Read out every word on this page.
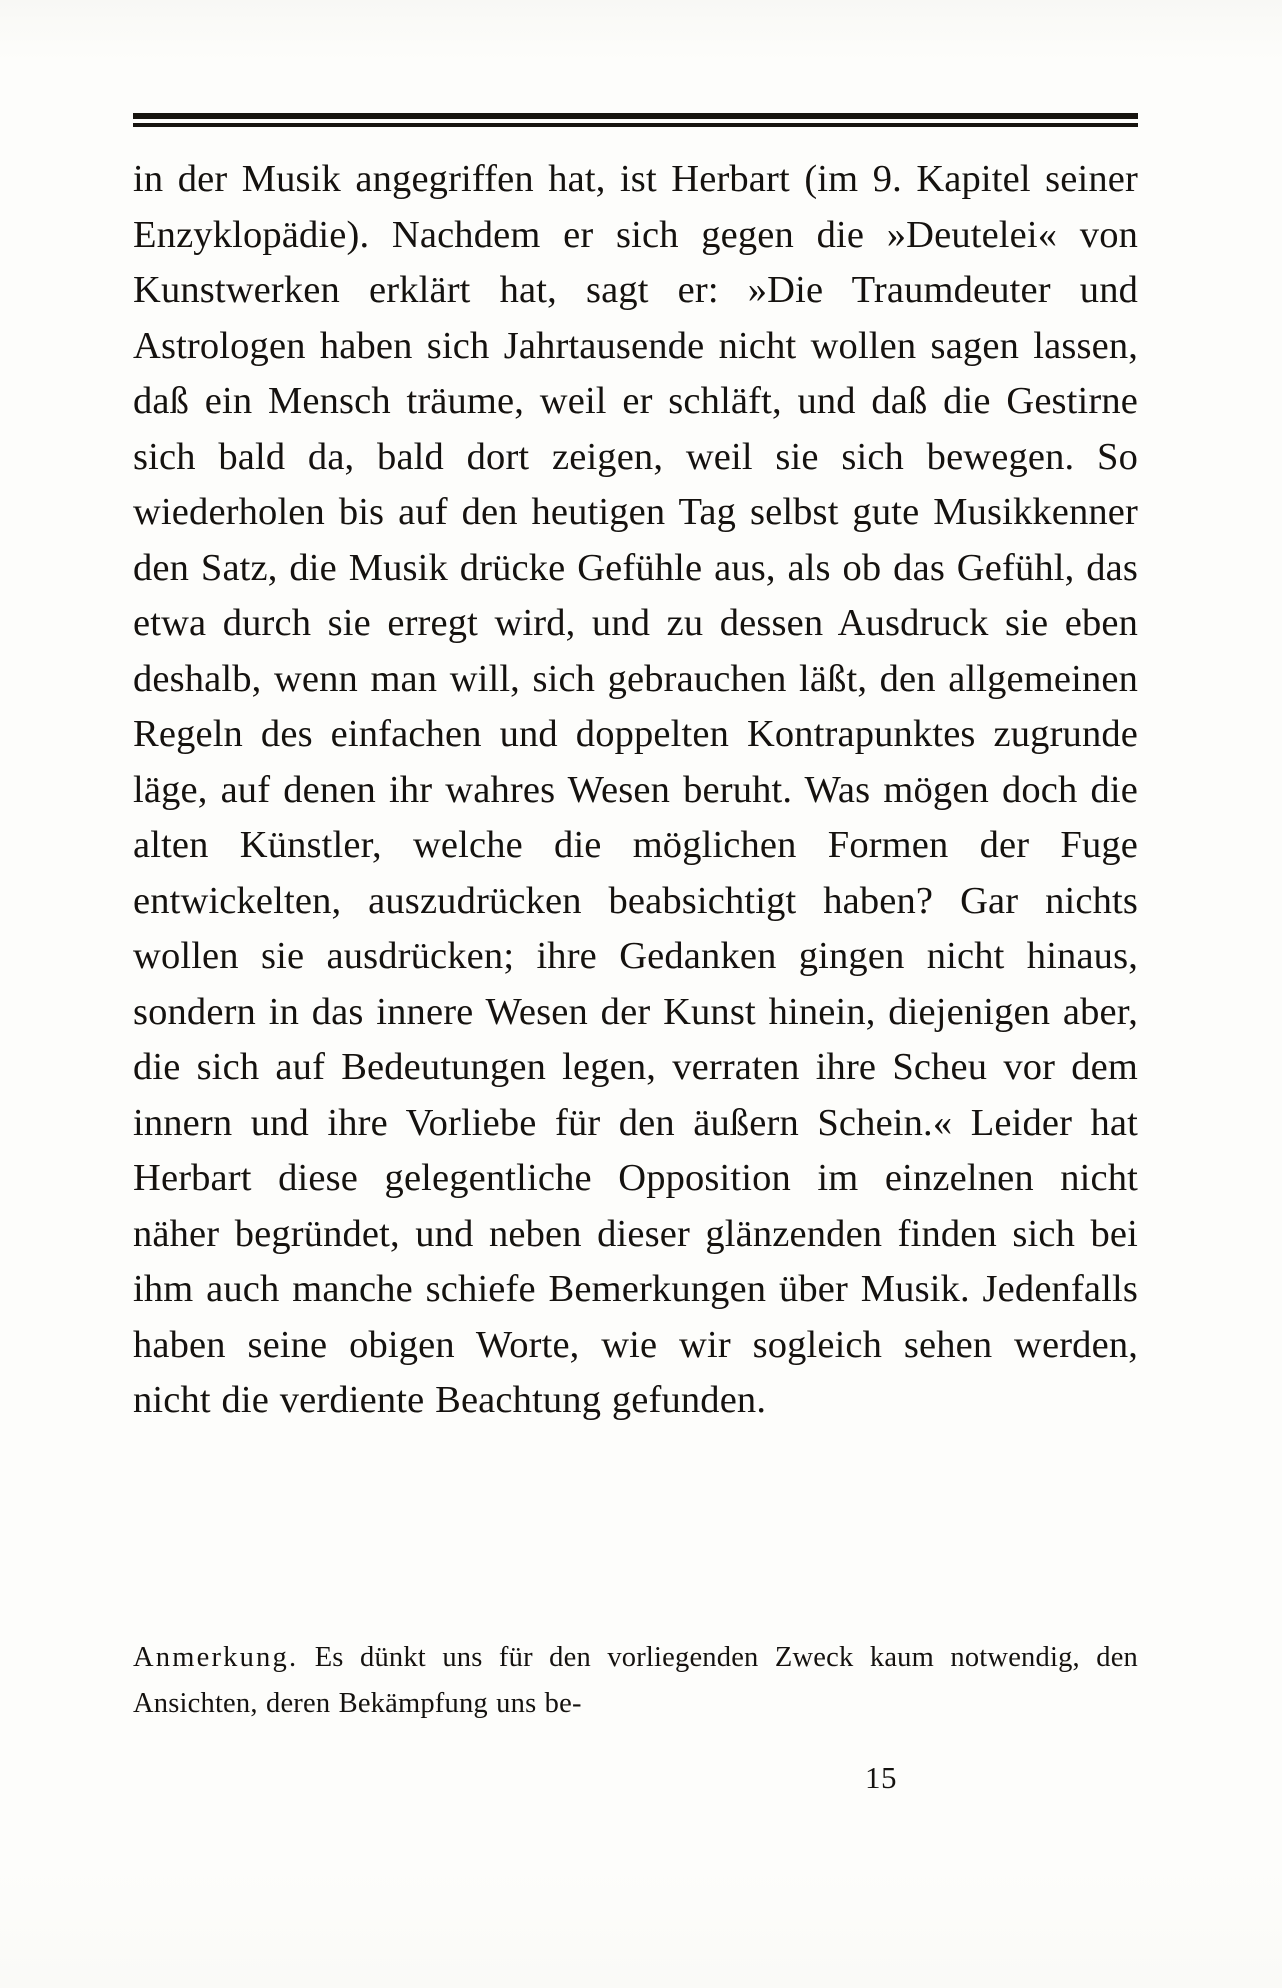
in der Musik angegriffen hat, ist Herbart (im 9. Kapitel seiner Enzyklopädie). Nachdem er sich gegen die »Deutelei« von Kunstwerken erklärt hat, sagt er: »Die Traumdeuter und Astrologen haben sich Jahrtausende nicht wollen sagen lassen, daß ein Mensch träume, weil er schläft, und daß die Gestirne sich bald da, bald dort zeigen, weil sie sich bewegen. So wiederholen bis auf den heutigen Tag selbst gute Musikkenner den Satz, die Musik drücke Gefühle aus, als ob das Gefühl, das etwa durch sie erregt wird, und zu dessen Ausdruck sie eben deshalb, wenn man will, sich gebrauchen läßt, den allgemeinen Regeln des einfachen und doppelten Kontrapunktes zugrunde läge, auf denen ihr wahres Wesen beruht. Was mögen doch die alten Künstler, welche die möglichen Formen der Fuge entwickelten, auszudrücken beabsichtigt haben? Gar nichts wollen sie ausdrücken; ihre Gedanken gingen nicht hinaus, sondern in das innere Wesen der Kunst hinein, diejenigen aber, die sich auf Bedeutungen legen, verraten ihre Scheu vor dem innern und ihre Vorliebe für den äußern Schein.« Leider hat Herbart diese gelegentliche Opposition im einzelnen nicht näher begründet, und neben dieser glänzenden finden sich bei ihm auch manche schiefe Bemerkungen über Musik. Jedenfalls haben seine obigen Worte, wie wir sogleich sehen werden, nicht die verdiente Beachtung gefunden.

Anmerkung. Es dünkt uns für den vorliegenden Zweck kaum notwendig, den Ansichten, deren Bekämpfung uns be-

15
